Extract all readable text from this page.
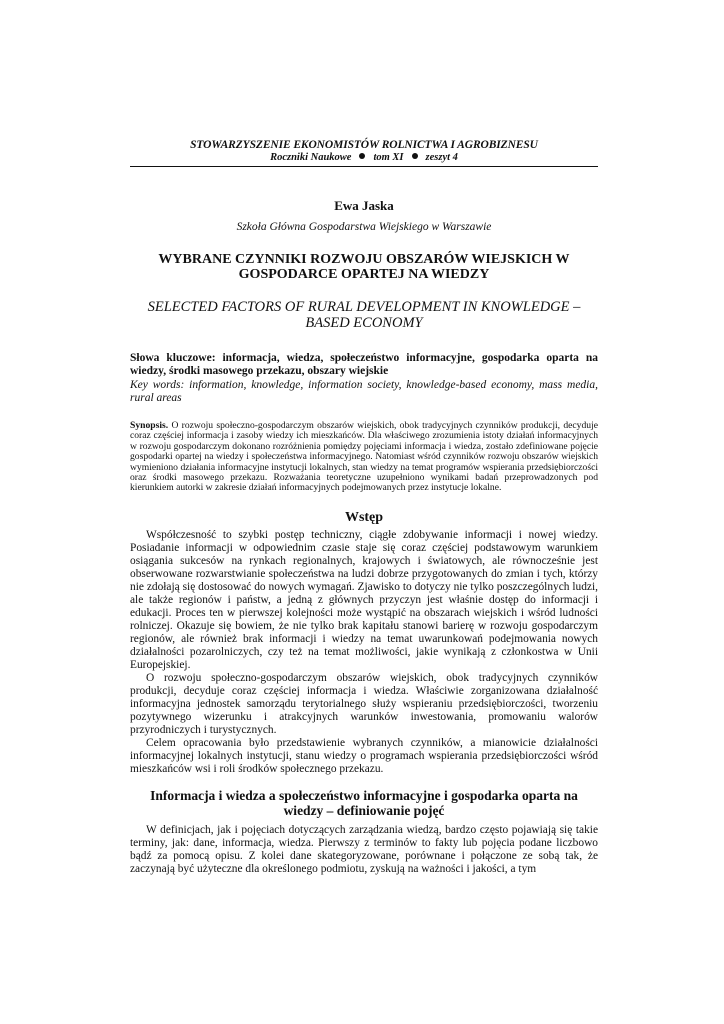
STOWARZYSZENIE EKONOMISTÓW ROLNICTWA I AGROBIZNESU
Roczniki Naukowe tom XI zeszyt 4
Ewa Jaska
Szkoła Główna Gospodarstwa Wiejskiego w Warszawie
WYBRANE CZYNNIKI ROZWOJU OBSZARÓW WIEJSKICH W GOSPODARCE OPARTEJ NA WIEDZY
SELECTED FACTORS OF RURAL DEVELOPMENT IN KNOWLEDGE – BASED ECONOMY
Słowa kluczowe: informacja, wiedza, społeczeństwo informacyjne, gospodarka oparta na wiedzy, środki masowego przekazu, obszary wiejskie
Key words: information, knowledge, information society, knowledge-based economy, mass media, rural areas
Synopsis. O rozwoju społeczno-gospodarczym obszarów wiejskich, obok tradycyjnych czynników produkcji, decyduje coraz częściej informacja i zasoby wiedzy ich mieszkańców. Dla właściwego zrozumienia istoty działań informacyjnych w rozwoju gospodarczym dokonano rozróżnienia pomiędzy pojęciami informacja i wiedza, zostało zdefiniowane pojęcie gospodarki opartej na wiedzy i społeczeństwa informacyjnego. Natomiast wśród czynników rozwoju obszarów wiejskich wymieniono działania informacyjne instytucji lokalnych, stan wiedzy na temat programów wspierania przedsiębiorczości oraz środki masowego przekazu. Rozważania teoretyczne uzupełniono wynikami badań przeprowadzonych pod kierunkiem autorki w zakresie działań informacyjnych podejmowanych przez instytucje lokalne.
Wstęp

Współczesność to szybki postęp techniczny, ciągłe zdobywanie informacji i nowej wiedzy. Posiadanie informacji w odpowiednim czasie staje się coraz częściej podstawowym warunkiem osiągania sukcesów na rynkach regionalnych, krajowych i światowych, ale równocześnie jest obserwowane rozwarstwianie społeczeństwa na ludzi dobrze przygotowanych do zmian i tych, którzy nie zdołają się dostosować do nowych wymagań. Zjawisko to dotyczy nie tylko poszczególnych ludzi, ale także regionów i państw, a jedną z głównych przyczyn jest właśnie dostęp do informacji i edukacji. Proces ten w pierwszej kolejności może wystąpić na obszarach wiejskich i wśród ludności rolniczej. Okazuje się bowiem, że nie tylko brak kapitału stanowi barierę w rozwoju gospodarczym regionów, ale również brak informacji i wiedzy na temat uwarunkowań podejmowania nowych działalności pozarolniczych, czy też na temat możliwości, jakie wynikają z członkostwa w Unii Europejskiej.

O rozwoju społeczno-gospodarczym obszarów wiejskich, obok tradycyjnych czynników produkcji, decyduje coraz częściej informacja i wiedza. Właściwie zorganizowana działalność informacyjna jednostek samorządu terytorialnego służy wspieraniu przedsiębiorczości, tworzeniu pozytywnego wizerunku i atrakcyjnych warunków inwestowania, promowaniu walorów przyrodniczych i turystycznych.

Celem opracowania było przedstawienie wybranych czynników, a mianowicie działalności informacyjnej lokalnych instytucji, stanu wiedzy o programach wspierania przedsiębiorczości wśród mieszkańców wsi i roli środków społecznego przekazu.

Informacja i wiedza a społeczeństwo informacyjne i gospodarka oparta na wiedzy – definiowanie pojęć

W definicjach, jak i pojęciach dotyczących zarządzania wiedzą, bardzo często pojawiają się takie terminy, jak: dane, informacja, wiedza. Pierwszy z terminów to fakty lub pojęcia podane liczbowo bądź za pomocą opisu. Z kolei dane skategoryzowane, porównane i połączone ze sobą tak, że zaczynają być użyteczne dla określonego podmiotu, zyskują na ważności i jakości, a tym
